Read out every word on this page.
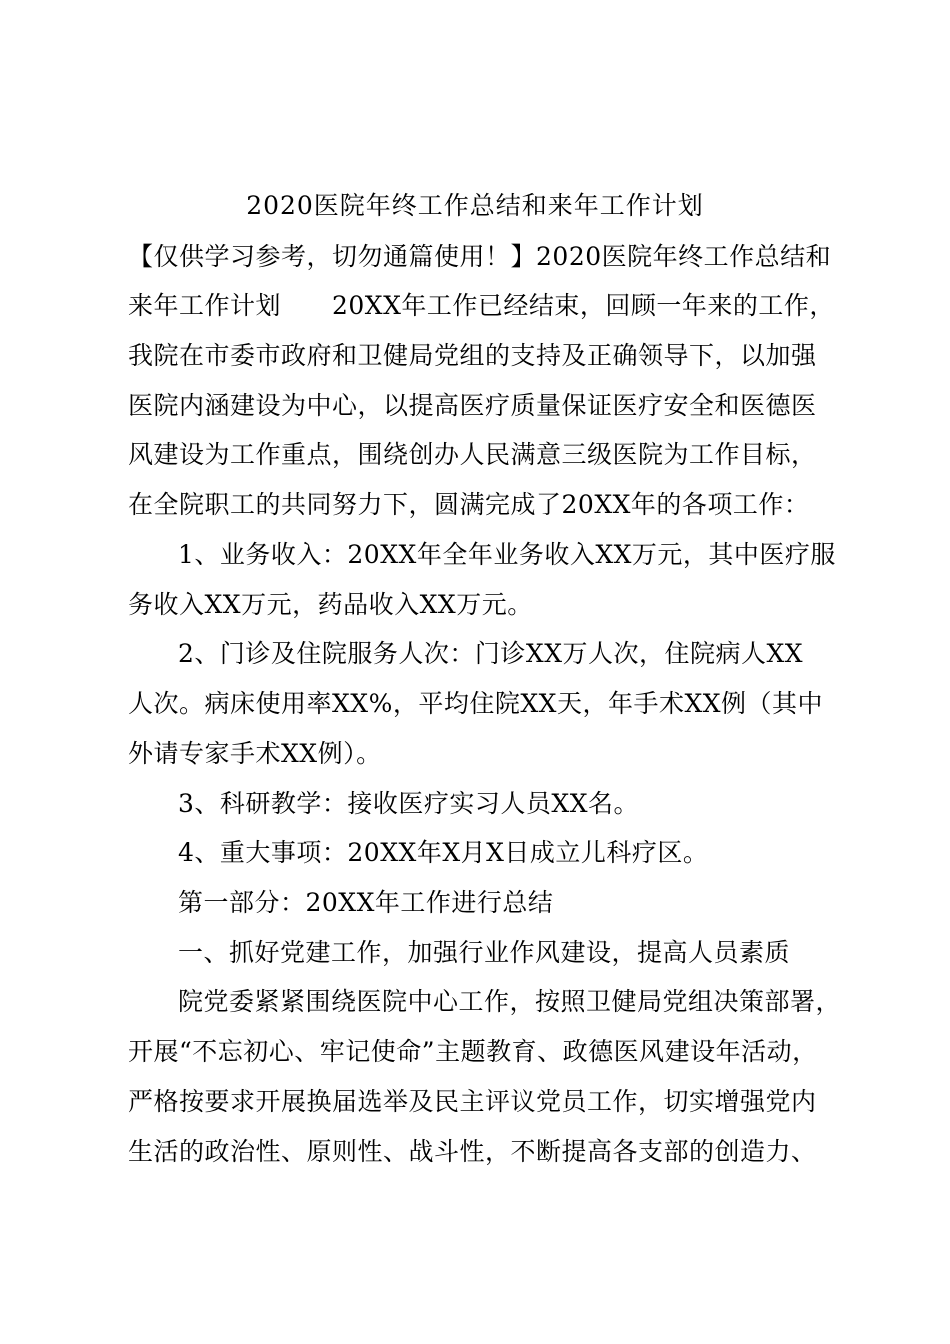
2020医院年终工作总结和来年工作计划
【仅供学习参考，切勿通篇使用！】2020医院年终工作总结和
来年工作计划　　20XX年工作已经结束，回顾一年来的工作，
我院在市委市政府和卫健局党组的支持及正确领导下，以加强
医院内涵建设为中心，以提高医疗质量保证医疗安全和医德医
风建设为工作重点，围绕创办人民满意三级医院为工作目标，
在全院职工的共同努力下，圆满完成了20XX年的各项工作：
1、业务收入：20XX年全年业务收入XX万元，其中医疗服
务收入XX万元，药品收入XX万元。
2、门诊及住院服务人次：门诊XX万人次，住院病人XX
人次。病床使用率XX%，平均住院XX天，年手术XX例（其中
外请专家手术XX例）。
3、科研教学：接收医疗实习人员XX名。
4、重大事项：20XX年X月X日成立儿科疗区。
第一部分：20XX年工作进行总结
一、抓好党建工作，加强行业作风建设，提高人员素质
院党委紧紧围绕医院中心工作，按照卫健局党组决策部署，
开展“不忘初心、牢记使命”主题教育、政德医风建设年活动，
严格按要求开展换届选举及民主评议党员工作，切实增强党内
生活的政治性、原则性、战斗性，不断提高各支部的创造力、
